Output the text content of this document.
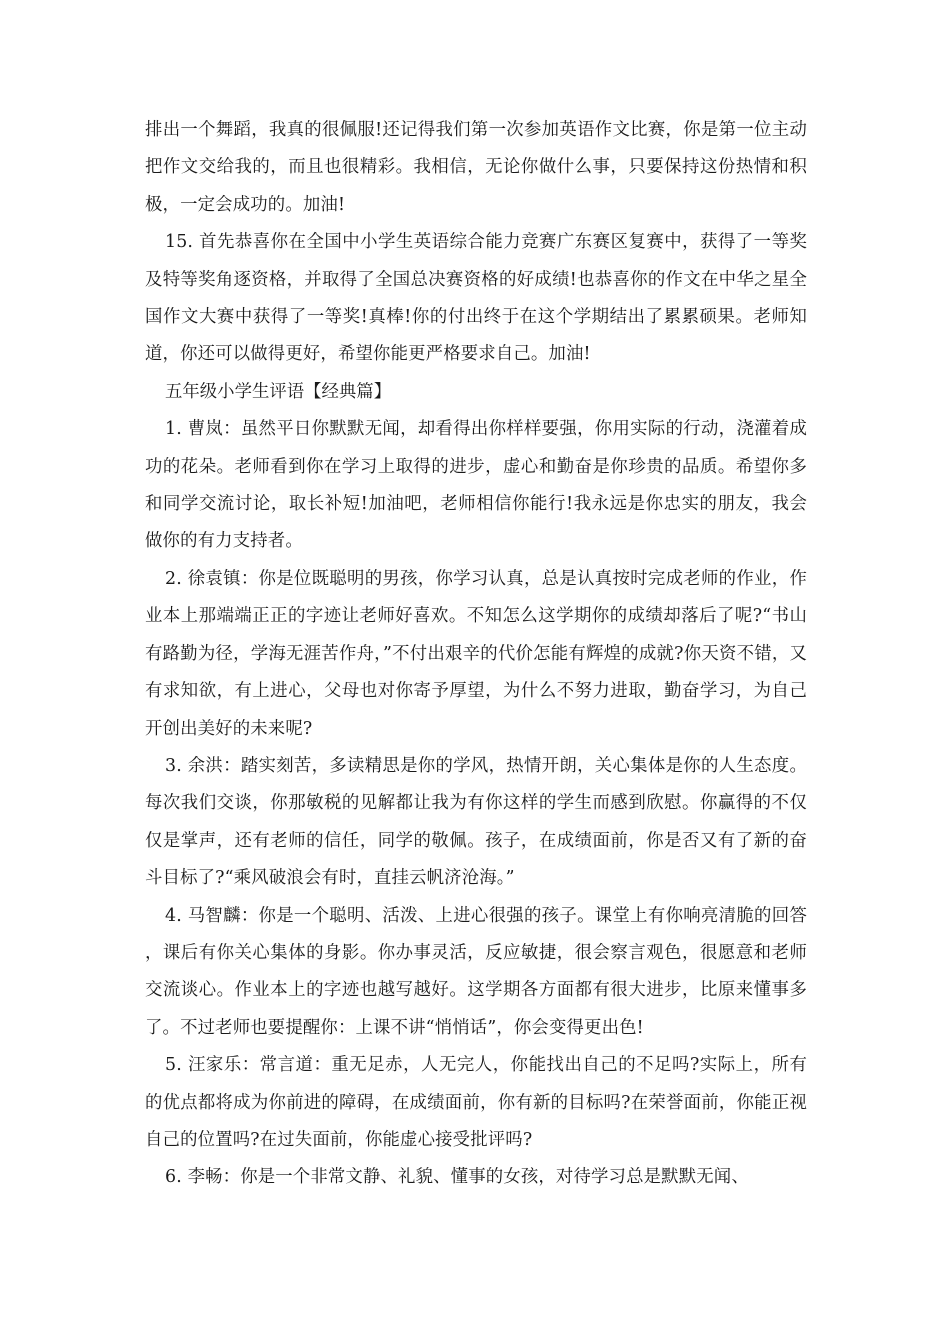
排出一个舞蹈，我真的很佩服!还记得我们第一次参加英语作文比赛，你是第一位主动把作文交给我的，而且也很精彩。我相信，无论你做什么事，只要保持这份热情和积极，一定会成功的。加油!

15. 首先恭喜你在全国中小学生英语综合能力竞赛广东赛区复赛中，获得了一等奖及特等奖角逐资格，并取得了全国总决赛资格的好成绩!也恭喜你的作文在中华之星全国作文大赛中获得了一等奖!真棒!你的付出终于在这个学期结出了累累硕果。老师知道，你还可以做得更好，希望你能更严格要求自己。加油!

五年级小学生评语【经典篇】

1. 曹岚：虽然平日你默默无闻，却看得出你样样要强，你用实际的行动，浇灌着成功的花朵。老师看到你在学习上取得的进步，虚心和勤奋是你珍贵的品质。希望你多和同学交流讨论，取长补短!加油吧，老师相信你能行!我永远是你忠实的朋友，我会做你的有力支持者。

2. 徐袁镇：你是位既聪明的男孩，你学习认真，总是认真按时完成老师的作业，作业本上那端端正正的字迹让老师好喜欢。不知怎么这学期你的成绩却落后了呢?“书山有路勤为径，学海无涯苦作舟，”不付出艰辛的代价怎能有辉煌的成就?你天资不错，又有求知欲，有上进心，父母也对你寄予厚望，为什么不努力进取，勤奋学习，为自己开创出美好的未来呢?

3. 余洪：踏实刻苦，多读精思是你的学风，热情开朗，关心集体是你的人生态度。每次我们交谈，你那敏税的见解都让我为有你这样的学生而感到欣慰。你赢得的不仅仅是掌声，还有老师的信任，同学的敬佩。孩子，在成绩面前，你是否又有了新的奋斗目标了?“乘风破浪会有时，直挂云帆济沧海。”

4. 马智麟：你是一个聪明、活泼、上进心很强的孩子。课堂上有你响亮清脆的回答，课后有你关心集体的身影。你办事灵活，反应敏捷，很会察言观色，很愿意和老师交流谈心。作业本上的字迹也越写越好。这学期各方面都有很大进步，比原来懂事多了。不过老师也要提醒你：上课不讲“悄悄话”，你会变得更出色!

5. 汪家乐：常言道：重无足赤，人无完人，你能找出自己的不足吗?实际上，所有的优点都将成为你前进的障碍，在成绩面前，你有新的目标吗?在荣誉面前，你能正视自己的位置吗?在过失面前，你能虚心接受批评吗?

6. 李畅：你是一个非常文静、礼貌、懂事的女孩，对待学习总是默默无闻、
